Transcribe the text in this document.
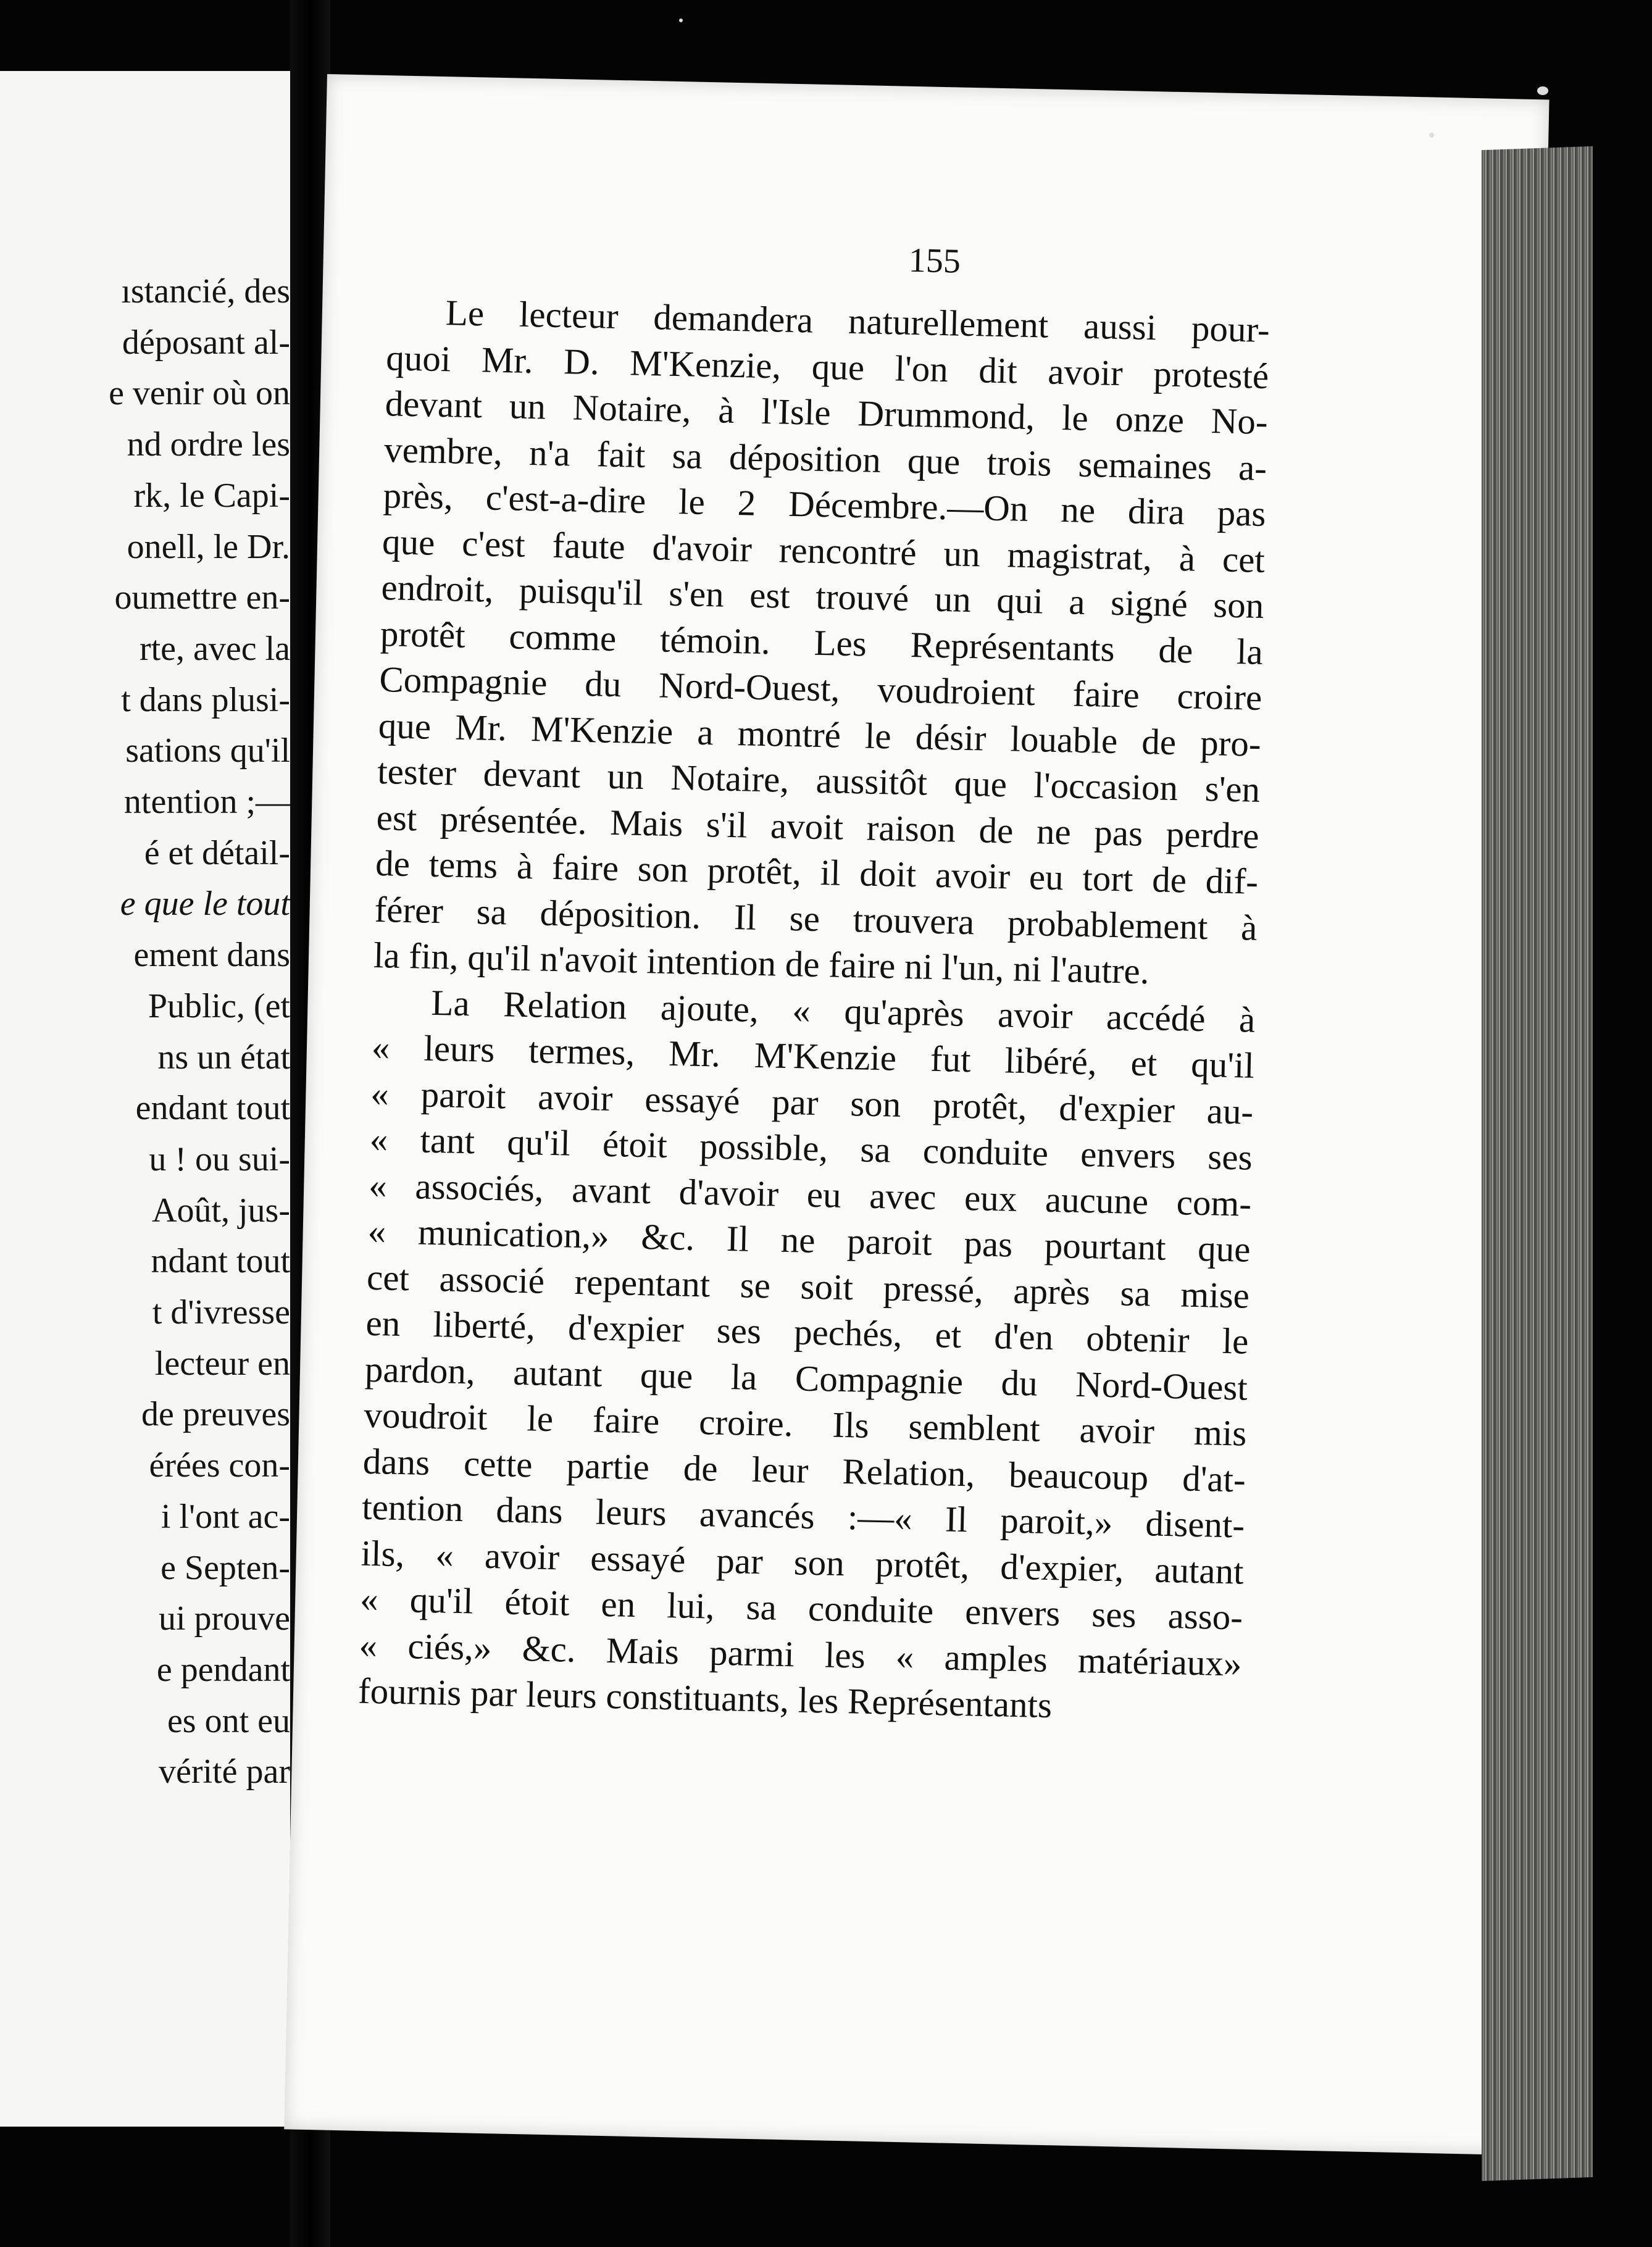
ıstancié, des
déposant al-
e venir où on
nd ordre les
rk, le Capi-
onell, le Dr.
oumettre en-
rte, avec la
t dans plusi-
sations qu'il
ntention ;—
é et détail-
e que le tout
ement dans
Public, (et
ns un état
endant tout
u ! ou sui-
Août, jus-
ndant tout
t d'ivresse
lecteur en
de preuves
érées con-
i l'ont ac-
e Septen-
ui prouve
e pendant
es ont eu
vérité par
155
Le lecteur demandera naturellement aussi pour-
quoi Mr. D. M'Kenzie, que l'on dit avoir protesté
devant un Notaire, à l'Isle Drummond, le onze No-
vembre, n'a fait sa déposition que trois semaines a-
près, c'est-a-dire le 2 Décembre.—On ne dira pas
que c'est faute d'avoir rencontré un magistrat, à cet
endroit, puisqu'il s'en est trouvé un qui a signé son
protêt comme témoin. Les Représentants de la
Compagnie du Nord-Ouest, voudroient faire croire
que Mr. M'Kenzie a montré le désir louable de pro-
tester devant un Notaire, aussitôt que l'occasion s'en
est présentée. Mais s'il avoit raison de ne pas perdre
de tems à faire son protêt, il doit avoir eu tort de dif-
férer sa déposition. Il se trouvera probablement à
la fin, qu'il n'avoit intention de faire ni l'un, ni l'autre.
La Relation ajoute, « qu'après avoir accédé à
« leurs termes, Mr. M'Kenzie fut libéré, et qu'il
« paroit avoir essayé par son protêt, d'expier au-
« tant qu'il étoit possible, sa conduite envers ses
« associés, avant d'avoir eu avec eux aucune com-
« munication,» &c. Il ne paroit pas pourtant que
cet associé repentant se soit pressé, après sa mise
en liberté, d'expier ses pechés, et d'en obtenir le
pardon, autant que la Compagnie du Nord-Ouest
voudroit le faire croire. Ils semblent avoir mis
dans cette partie de leur Relation, beaucoup d'at-
tention dans leurs avancés :—« Il paroit,» disent-
ils, « avoir essayé par son protêt, d'expier, autant
« qu'il étoit en lui, sa conduite envers ses asso-
« ciés,» &c. Mais parmi les « amples matériaux»
fournis par leurs constituants, les Représentants
